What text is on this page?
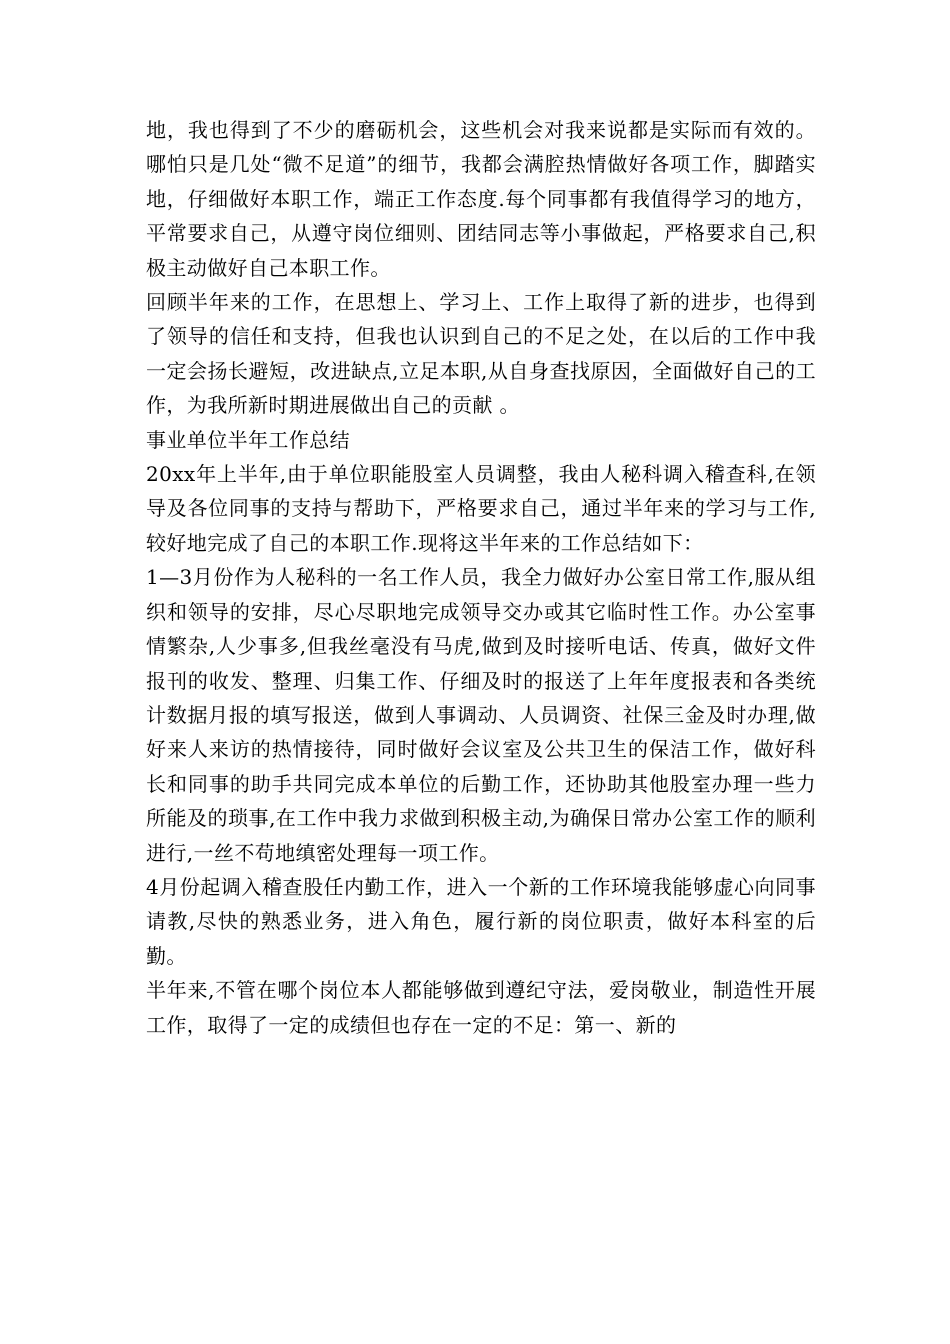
地，我也得到了不少的磨砺机会，这些机会对我来说都是实际而有效的。哪怕只是几处“微不足道”的细节，我都会满腔热情做好各项工作，脚踏实地，仔细做好本职工作，端正工作态度.每个同事都有我值得学习的地方，平常要求自己，从遵守岗位细则、团结同志等小事做起，严格要求自己,积极主动做好自己本职工作。

回顾半年来的工作，在思想上、学习上、工作上取得了新的进步，也得到了领导的信任和支持，但我也认识到自己的不足之处，在以后的工作中我一定会扬长避短，改进缺点,立足本职,从自身查找原因，全面做好自己的工作，为我所新时期进展做出自己的贡献 。

事业单位半年工作总结

20xx年上半年,由于单位职能股室人员调整，我由人秘科调入稽查科,在领导及各位同事的支持与帮助下，严格要求自己，通过半年来的学习与工作,较好地完成了自己的本职工作.现将这半年来的工作总结如下：

1—3月份作为人秘科的一名工作人员，我全力做好办公室日常工作,服从组织和领导的安排，尽心尽职地完成领导交办或其它临时性工作。办公室事情繁杂,人少事多,但我丝毫没有马虎,做到及时接听电话、传真，做好文件报刊的收发、整理、归集工作、仔细及时的报送了上年年度报表和各类统计数据月报的填写报送，做到人事调动、人员调资、社保三金及时办理,做好来人来访的热情接待，同时做好会议室及公共卫生的保洁工作，做好科长和同事的助手共同完成本单位的后勤工作，还协助其他股室办理一些力所能及的琐事,在工作中我力求做到积极主动,为确保日常办公室工作的顺利进行,一丝不苟地缜密处理每一项工作。

4月份起调入稽查股任内勤工作，进入一个新的工作环境我能够虚心向同事请教,尽快的熟悉业务，进入角色，履行新的岗位职责，做好本科室的后勤。

半年来,不管在哪个岗位本人都能够做到遵纪守法，爱岗敬业，制造性开展工作，取得了一定的成绩但也存在一定的不足：第一、新的
